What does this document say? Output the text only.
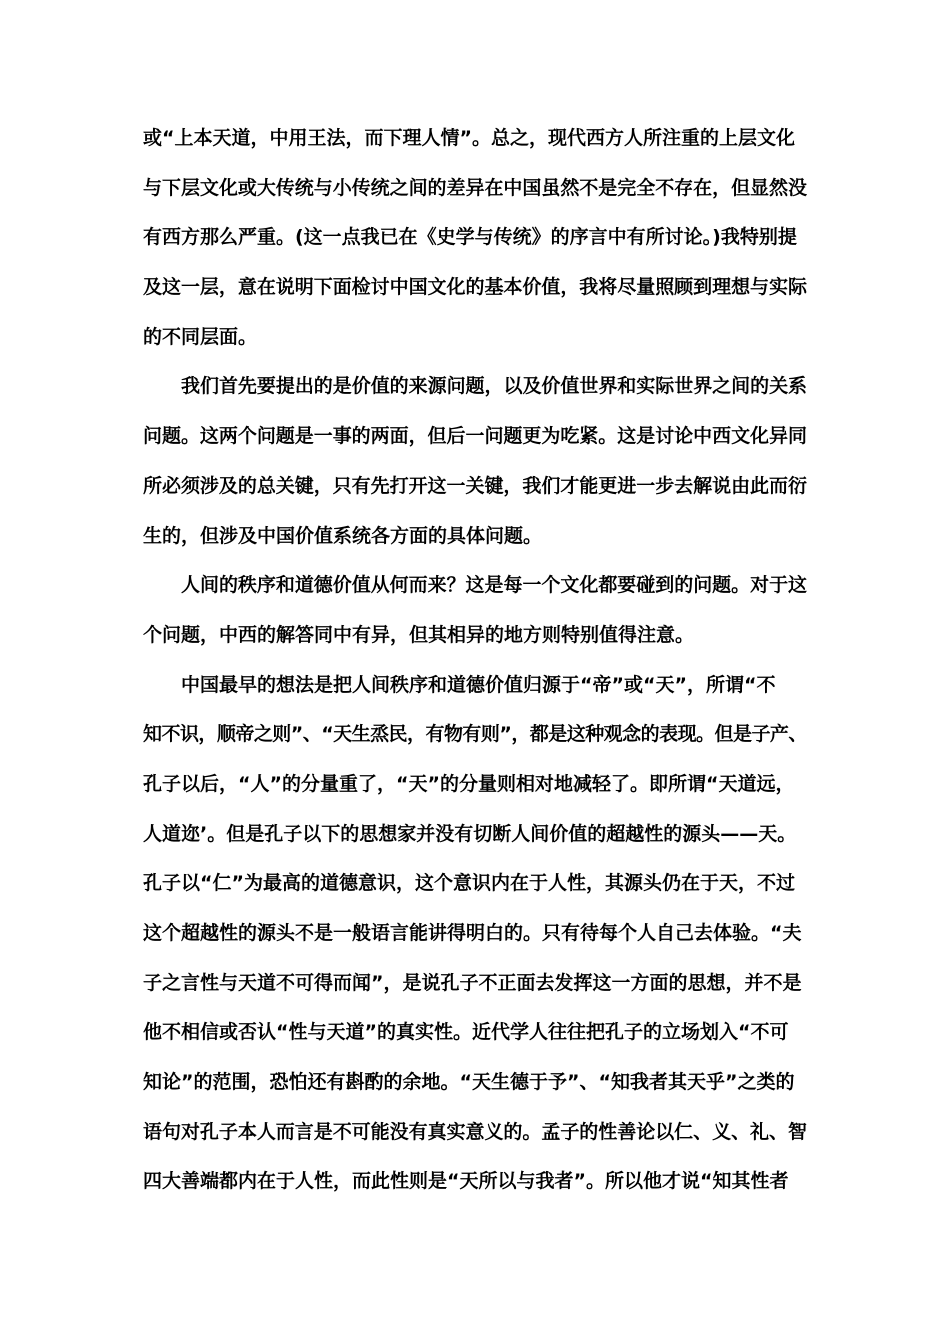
或“上本天道，中用王法，而下理人情”。总之，现代西方人所注重的上层文化
与下层文化或大传统与小传统之间的差异在中国虽然不是完全不存在，但显然没
有西方那么严重。(这一点我已在《史学与传统》的序言中有所讨论。)我特别提
及这一层，意在说明下面检讨中国文化的基本价值，我将尽量照顾到理想与实际
的不同层面。
我们首先要提出的是价值的来源问题，以及价值世界和实际世界之间的关系
问题。这两个问题是一事的两面，但后一问题更为吃紧。这是讨论中西文化异同
所必须涉及的总关键，只有先打开这一关键，我们才能更进一步去解说由此而衍
生的，但涉及中国价值系统各方面的具体问题。
人间的秩序和道德价值从何而来？这是每一个文化都要碰到的问题。对于这
个问题，中西的解答同中有异，但其相异的地方则特别值得注意。
中国最早的想法是把人间秩序和道德价值归源于“帝”或“天”，所谓“不
知不识，顺帝之则”、“天生烝民，有物有则”，都是这种观念的表现。但是子产、
孔子以后，“人”的分量重了，“天”的分量则相对地减轻了。即所谓“天道远，
人道迩’。但是孔子以下的思想家并没有切断人间价值的超越性的源头——天。
孔子以“仁”为最高的道德意识，这个意识内在于人性，其源头仍在于天，不过
这个超越性的源头不是一般语言能讲得明白的。只有待每个人自己去体验。“夫
子之言性与天道不可得而闻”，是说孔子不正面去发挥这一方面的思想，并不是
他不相信或否认“性与天道”的真实性。近代学人往往把孔子的立场划入“不可
知论”的范围，恐怕还有斟酌的余地。“天生德于予”、“知我者其天乎”之类的
语句对孔子本人而言是不可能没有真实意义的。孟子的性善论以仁、义、礼、智
四大善端都内在于人性，而此性则是“天所以与我者”。所以他才说“知其性者
